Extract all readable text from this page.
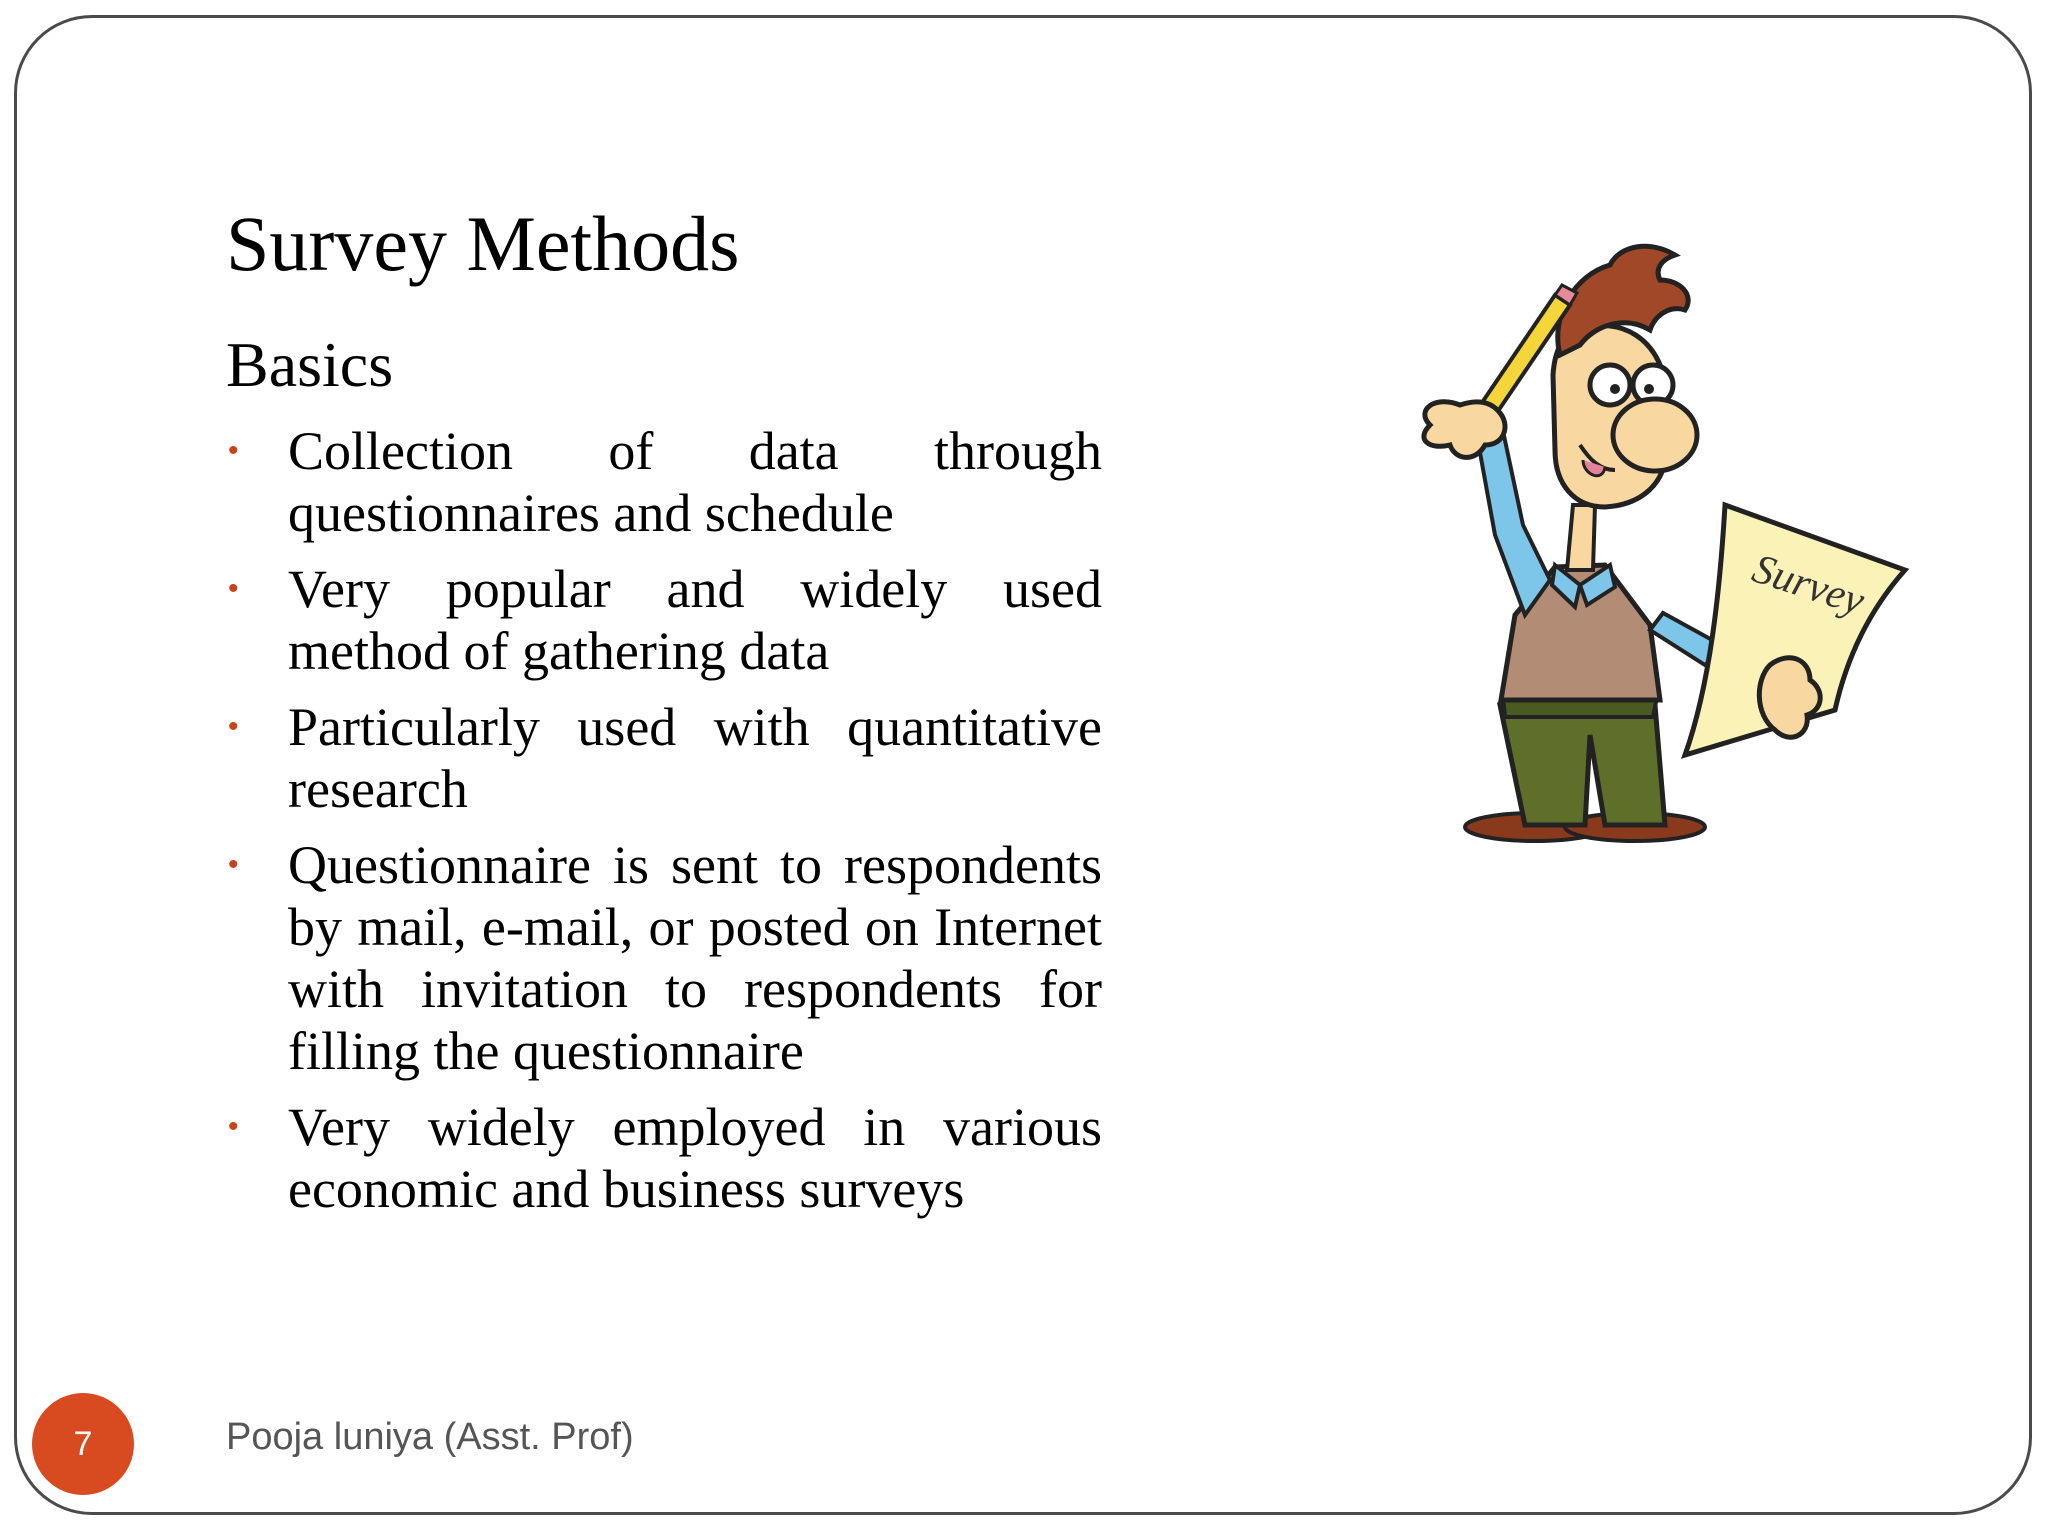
Survey Methods
Basics
• Collection of data through questionnaires and schedule
• Very popular and widely used method of gathering data
• Particularly used with quantitative research
• Questionnaire is sent to respondents by mail, e-mail, or posted on Internet with invitation to respondents for filling the questionnaire
• Very widely employed in various economic and business surveys
Survey
7	Pooja luniya (Asst. Prof)
